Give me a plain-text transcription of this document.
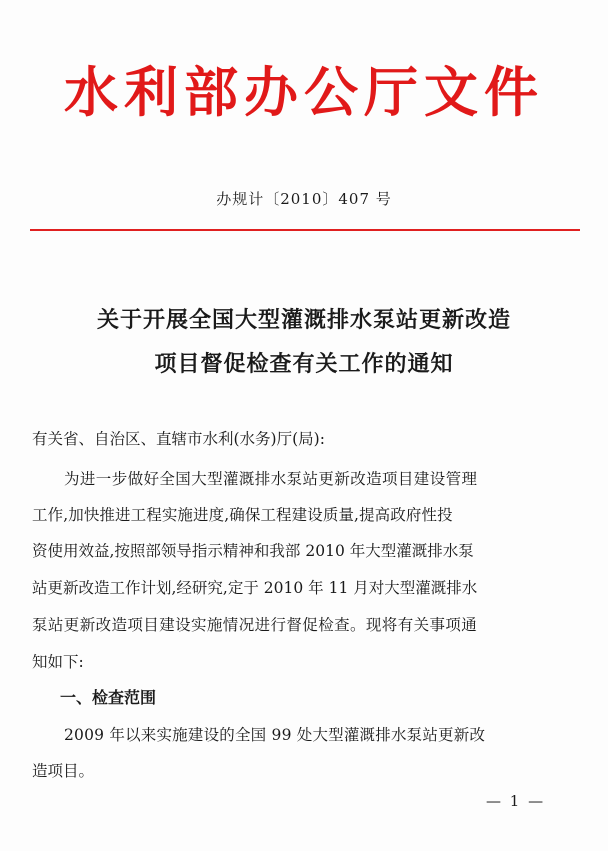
水利部办公厅文件
办规计〔2010〕407 号
关于开展全国大型灌溉排水泵站更新改造
项目督促检查有关工作的通知
有关省、自治区、直辖市水利(水务)厅(局):
为进一步做好全国大型灌溉排水泵站更新改造项目建设管理
工作,加快推进工程实施进度,确保工程建设质量,提高政府性投
资使用效益,按照部领导指示精神和我部 2010 年大型灌溉排水泵
站更新改造工作计划,经研究,定于 2010 年 11 月对大型灌溉排水
泵站更新改造项目建设实施情况进行督促检查。现将有关事项通
知如下:
一、检查范围
2009 年以来实施建设的全国 99 处大型灌溉排水泵站更新改
造项目。
— 1 —
